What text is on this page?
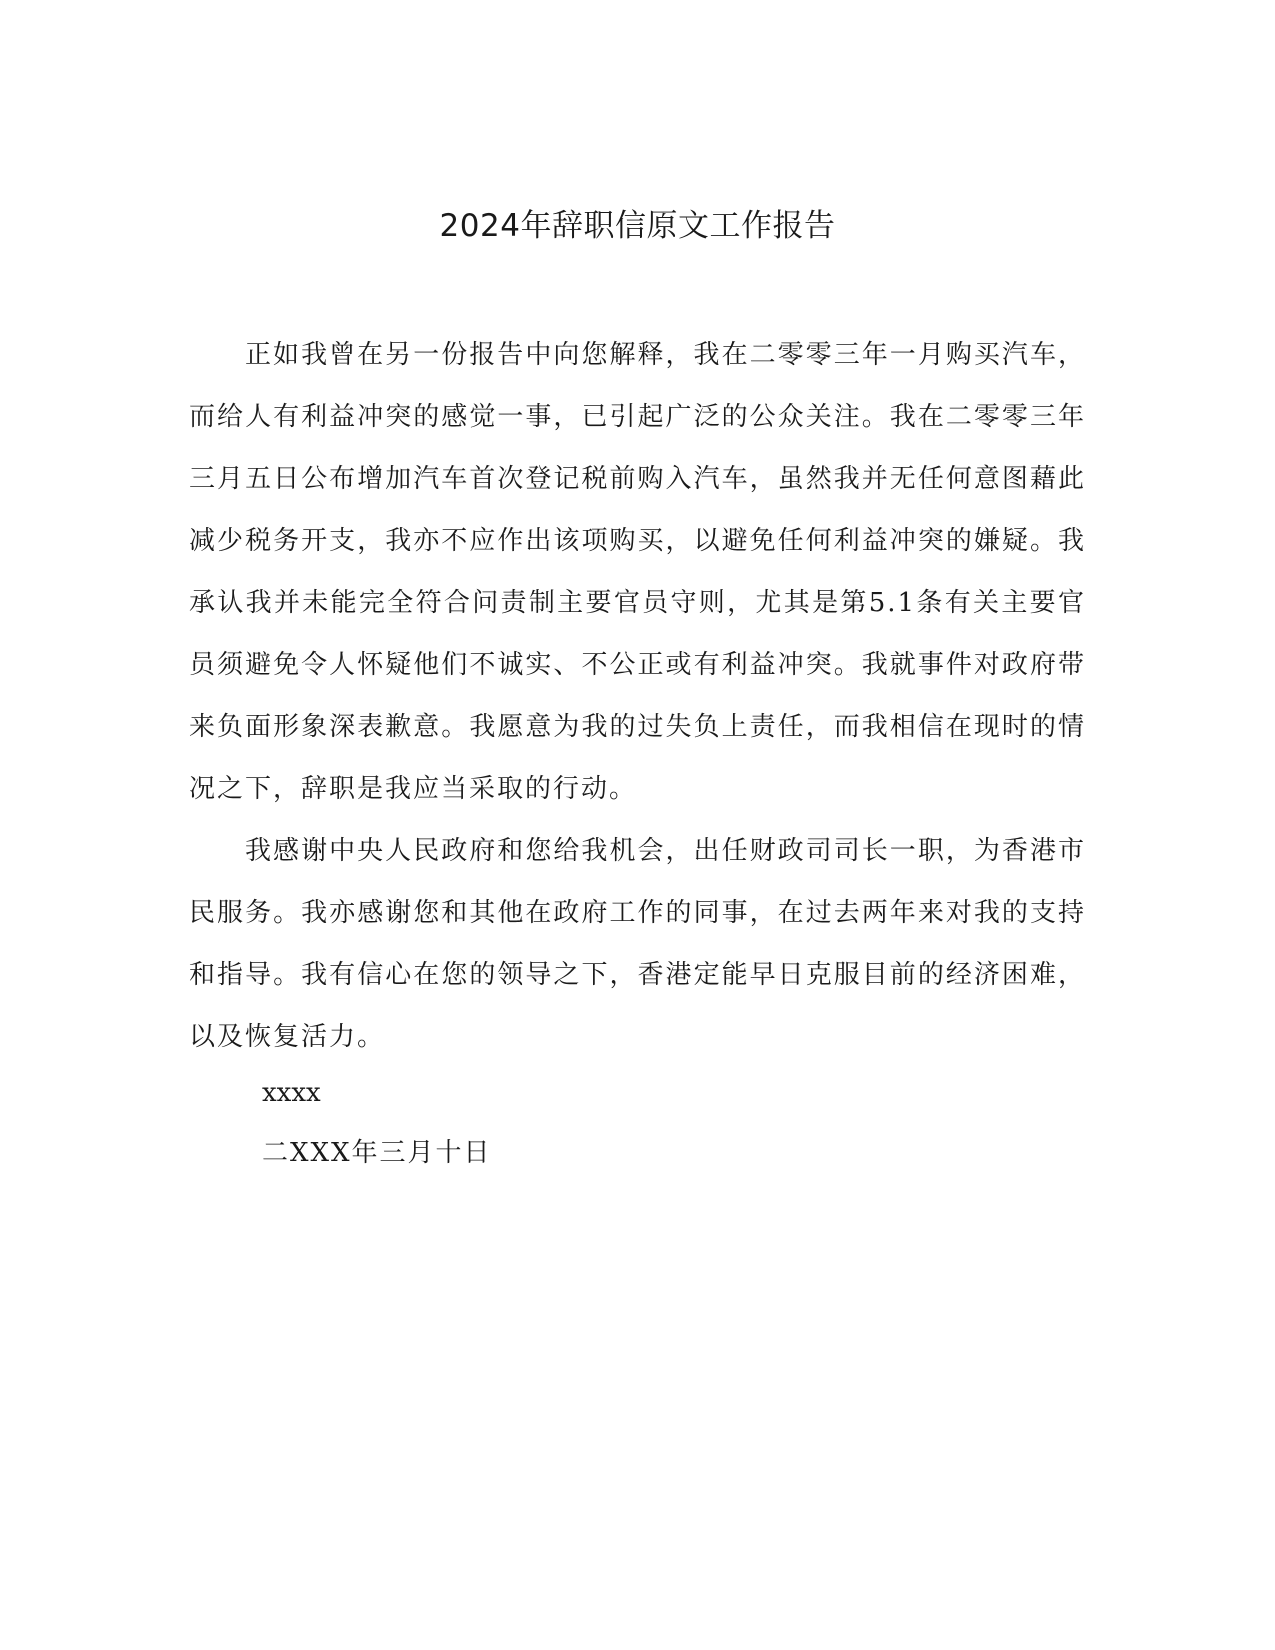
2024年辞职信原文工作报告

正如我曾在另一份报告中向您解释，我在二零零三年一月购买汽车，而给人有利益冲突的感觉一事，已引起广泛的公众关注。我在二零零三年三月五日公布增加汽车首次登记税前购入汽车，虽然我并无任何意图藉此减少税务开支，我亦不应作出该项购买，以避免任何利益冲突的嫌疑。我承认我并未能完全符合问责制主要官员守则，尤其是第5.1条有关主要官员须避免令人怀疑他们不诚实、不公正或有利益冲突。我就事件对政府带来负面形象深表歉意。我愿意为我的过失负上责任，而我相信在现时的情况之下，辞职是我应当采取的行动。

我感谢中央人民政府和您给我机会，出任财政司司长一职，为香港市民服务。我亦感谢您和其他在政府工作的同事，在过去两年来对我的支持和指导。我有信心在您的领导之下，香港定能早日克服目前的经济困难，以及恢复活力。

xxxx

二XXX年三月十日
